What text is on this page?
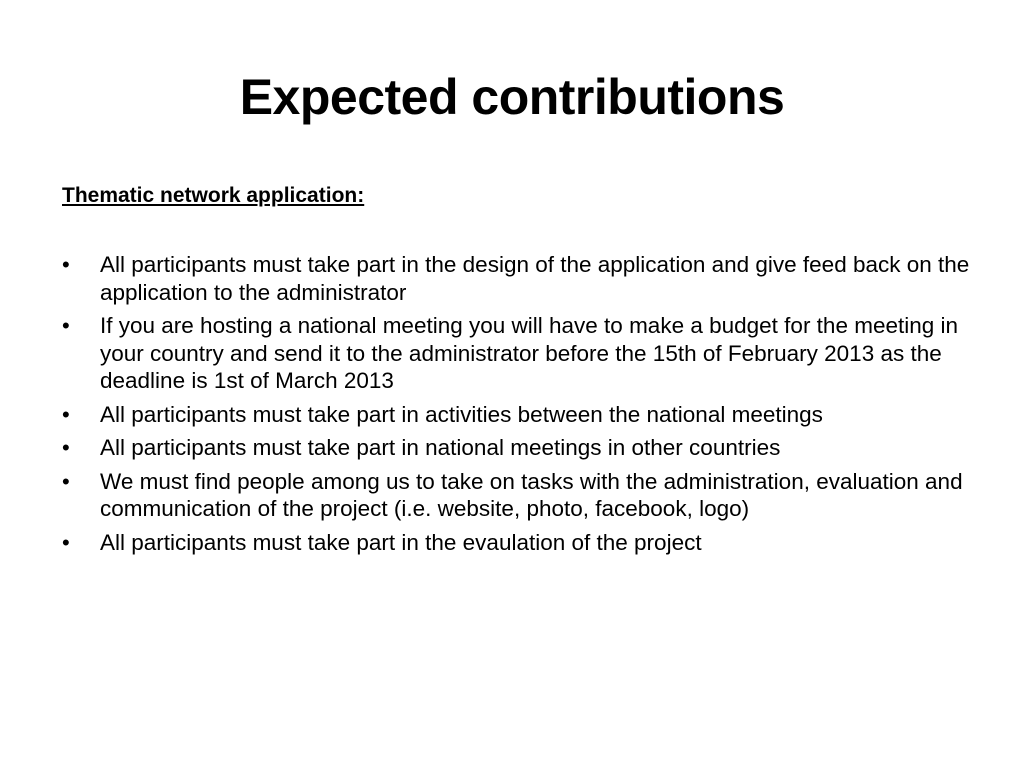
Expected contributions
Thematic network application:
• All participants must take part in the design of the application and give feed back on the application to the administrator
• If you are hosting a national meeting you will have to make a budget for the meeting in your country and send it to the administrator before the 15th of February 2013 as the deadline is 1st of March 2013
• All participants must take part in activities between the national meetings
• All participants must take part in national meetings in other countries
• We must find people among us to take on tasks with the administration, evaluation and communication of the project (i.e. website, photo, facebook, logo)
• All participants must take part in the evaulation of the project
